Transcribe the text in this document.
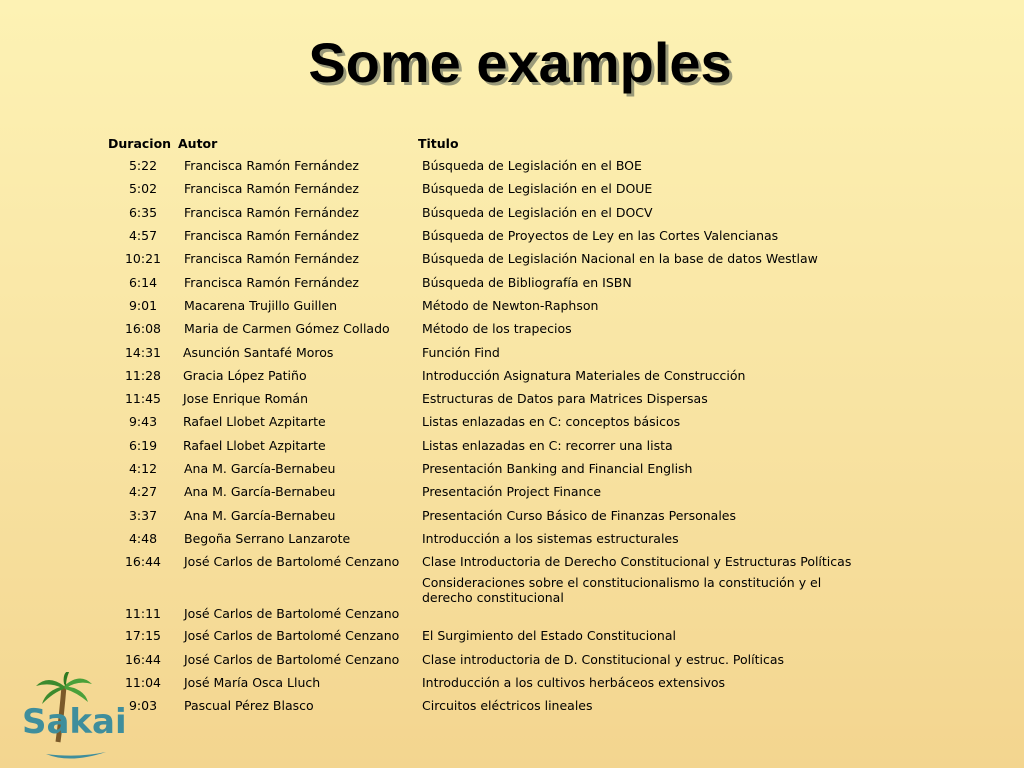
Some examples
Duracion	Autor	Titulo
5:22	Francisca Ramón Fernández	Búsqueda de Legislación en el BOE
5:02	Francisca Ramón Fernández	Búsqueda de Legislación en el DOUE
6:35	Francisca Ramón Fernández	Búsqueda de Legislación en el DOCV
4:57	Francisca Ramón Fernández	Búsqueda de Proyectos de Ley en las Cortes Valencianas
10:21	Francisca Ramón Fernández	Búsqueda de Legislación Nacional en la base de datos Westlaw
6:14	Francisca Ramón Fernández	Búsqueda de Bibliografía en ISBN
9:01	Macarena Trujillo Guillen	Método de Newton-Raphson
16:08	Maria de Carmen Gómez Collado	Método de los trapecios
14:31	Asunción Santafé Moros	Función Find
11:28	Gracia López Patiño	Introducción Asignatura Materiales de Construcción
11:45	Jose Enrique Román	Estructuras de Datos para Matrices Dispersas
9:43	Rafael Llobet Azpitarte	Listas enlazadas en C: conceptos básicos
6:19	Rafael Llobet Azpitarte	Listas enlazadas en C: recorrer una lista
4:12	Ana M. García-Bernabeu	Presentación Banking and Financial English
4:27	Ana M. García-Bernabeu	Presentación Project Finance
3:37	Ana M. García-Bernabeu	Presentación Curso Básico de Finanzas Personales
4:48	Begoña Serrano Lanzarote	Introducción a los sistemas estructurales
16:44	José Carlos de Bartolomé Cenzano	Clase Introductoria de Derecho Constitucional y Estructuras Políticas
11:11	José Carlos de Bartolomé Cenzano	Consideraciones sobre el constitucionalismo la constitución y el derecho constitucional
17:15	José Carlos de Bartolomé Cenzano	El Surgimiento del Estado Constitucional
16:44	José Carlos de Bartolomé Cenzano	Clase introductoria de D. Constitucional y estruc. Políticas
11:04	José María Osca Lluch	Introducción a los cultivos herbáceos extensivos
9:03	Pascual Pérez Blasco	Circuitos eléctricos lineales
Sakai
